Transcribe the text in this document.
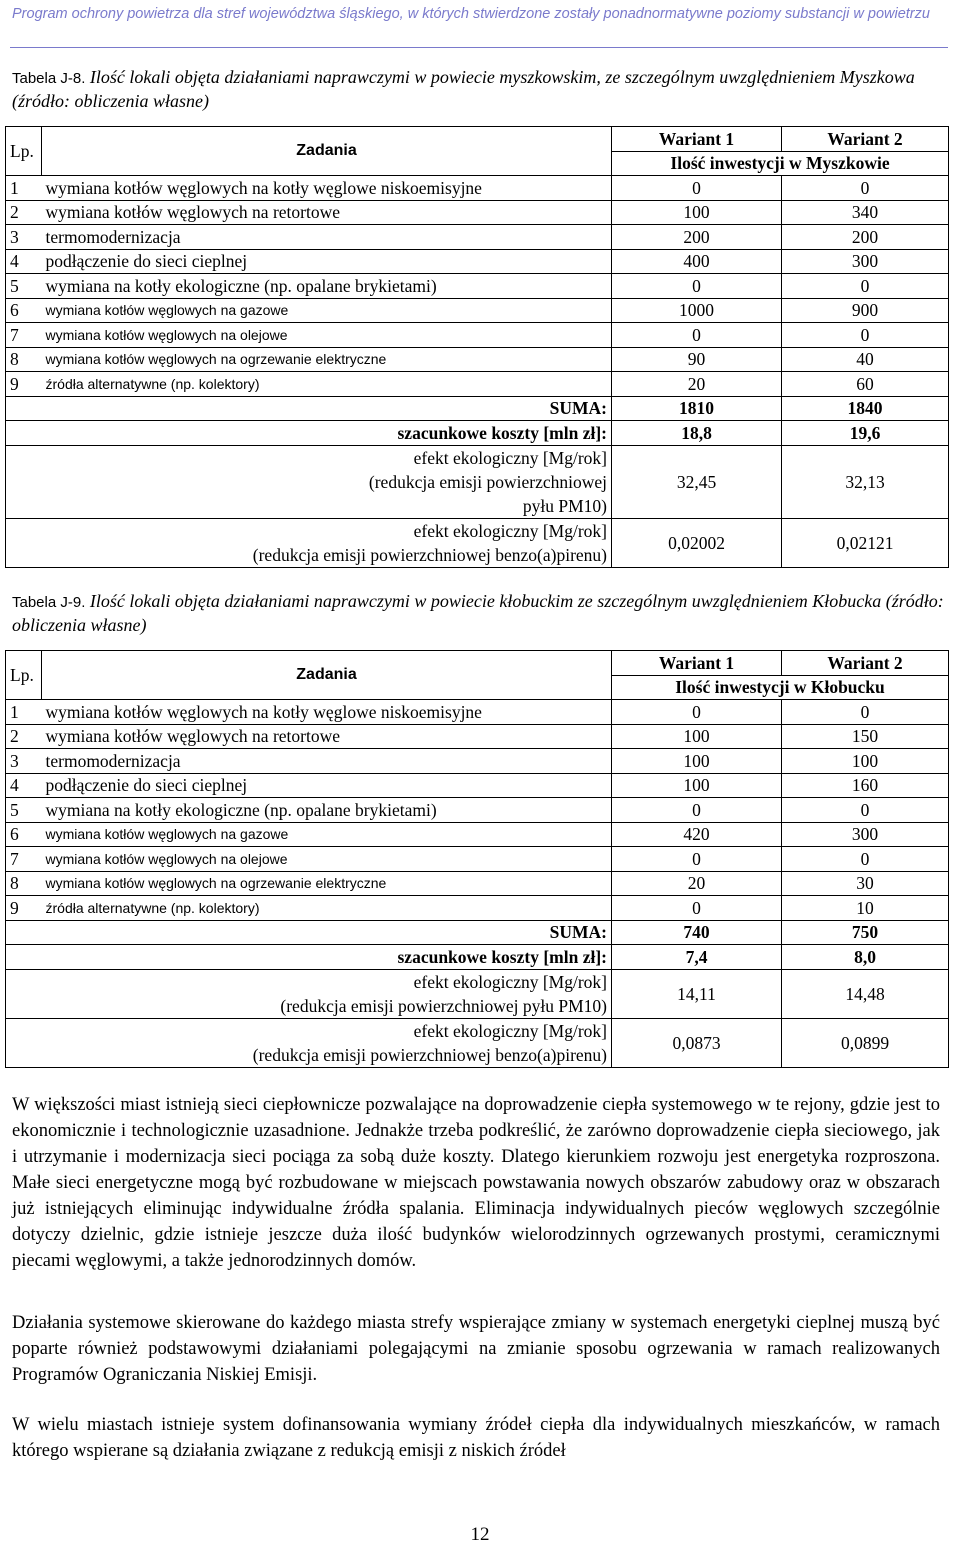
Program ochrony powietrza dla stref województwa śląskiego, w których stwierdzone zostały ponadnormatywne poziomy substancji w powietrzu
Tabela J-8. Ilość lokali objęta działaniami naprawczymi w powiecie myszkowskim, ze szczególnym uwzględnieniem Myszkowa (źródło: obliczenia własne)
Lp.	Zadania	Wariant 1	Wariant 2
		Ilość inwestycji w Myszkowie	
1	wymiana kotłów węglowych na kotły węglowe niskoemisyjne	0	0
2	wymiana kotłów węglowych na retortowe	100	340
3	termomodernizacja	200	200
4	podłączenie do sieci cieplnej	400	300
5	wymiana na kotły ekologiczne (np. opalane brykietami)	0	0
6	wymiana kotłów węglowych na gazowe	1000	900
7	wymiana kotłów węglowych na olejowe	0	0
8	wymiana kotłów węglowych na ogrzewanie elektryczne	90	40
9	źródła alternatywne (np. kolektory)	20	60
SUMA:		1810	1840
szacunkowe koszty [mln zł]:		18,8	19,6

efekt ekologiczny [Mg/rok]
(redukcja emisji powierzchniowej
pyłu PM10)		32,45	32,13

efekt ekologiczny [Mg/rok]
(redukcja emisji powierzchniowej benzo(a)pirenu)		0,02002	0,02121
Tabela J-9. Ilość lokali objęta działaniami naprawczymi w powiecie kłobuckim ze szczególnym uwzględnieniem Kłobucka (źródło: obliczenia własne)
Lp.	Zadania	Wariant 1	Wariant 2
		Ilość inwestycji w Kłobucku	
1	wymiana kotłów węglowych na kotły węglowe niskoemisyjne	0	0
2	wymiana kotłów węglowych na retortowe	100	150
3	termomodernizacja	100	100
4	podłączenie do sieci cieplnej	100	160
5	wymiana na kotły ekologiczne (np. opalane brykietami)	0	0
6	wymiana kotłów węglowych na gazowe	420	300
7	wymiana kotłów węglowych na olejowe	0	0
8	wymiana kotłów węglowych na ogrzewanie elektryczne	20	30
9	źródła alternatywne (np. kolektory)	0	10
SUMA:		740	750
szacunkowe koszty [mln zł]:		7,4	8,0

efekt ekologiczny [Mg/rok]
(redukcja emisji powierzchniowej pyłu PM10)		14,11	14,48

efekt ekologiczny [Mg/rok]
(redukcja emisji powierzchniowej benzo(a)pirenu)		0,0873	0,0899
W większości miast istnieją sieci ciepłownicze pozwalające na doprowadzenie ciepła systemowego w te rejony, gdzie jest to ekonomicznie i technologicznie uzasadnione. Jednakże trzeba podkreślić, że zarówno doprowadzenie ciepła sieciowego, jak i utrzymanie i modernizacja sieci pociąga za sobą duże koszty. Dlatego kierunkiem rozwoju jest energetyka rozproszona. Małe sieci energetyczne mogą być rozbudowane w miejscach powstawania nowych obszarów zabudowy oraz w obszarach już istniejących eliminując indywidualne źródła spalania. Eliminacja indywidualnych pieców węglowych szczególnie dotyczy dzielnic, gdzie istnieje jeszcze duża ilość budynków wielorodzinnych ogrzewanych prostymi, ceramicznymi piecami węglowymi, a także jednorodzinnych domów.
Działania systemowe skierowane do każdego miasta strefy wspierające zmiany w systemach energetyki cieplnej muszą być poparte również podstawowymi działaniami polegającymi na zmianie sposobu ogrzewania w ramach realizowanych Programów Ograniczania Niskiej Emisji.
W wielu miastach istnieje system dofinansowania wymiany źródeł ciepła dla indywidualnych mieszkańców, w ramach którego wspierane są działania związane z redukcją emisji z niskich źródeł
12
